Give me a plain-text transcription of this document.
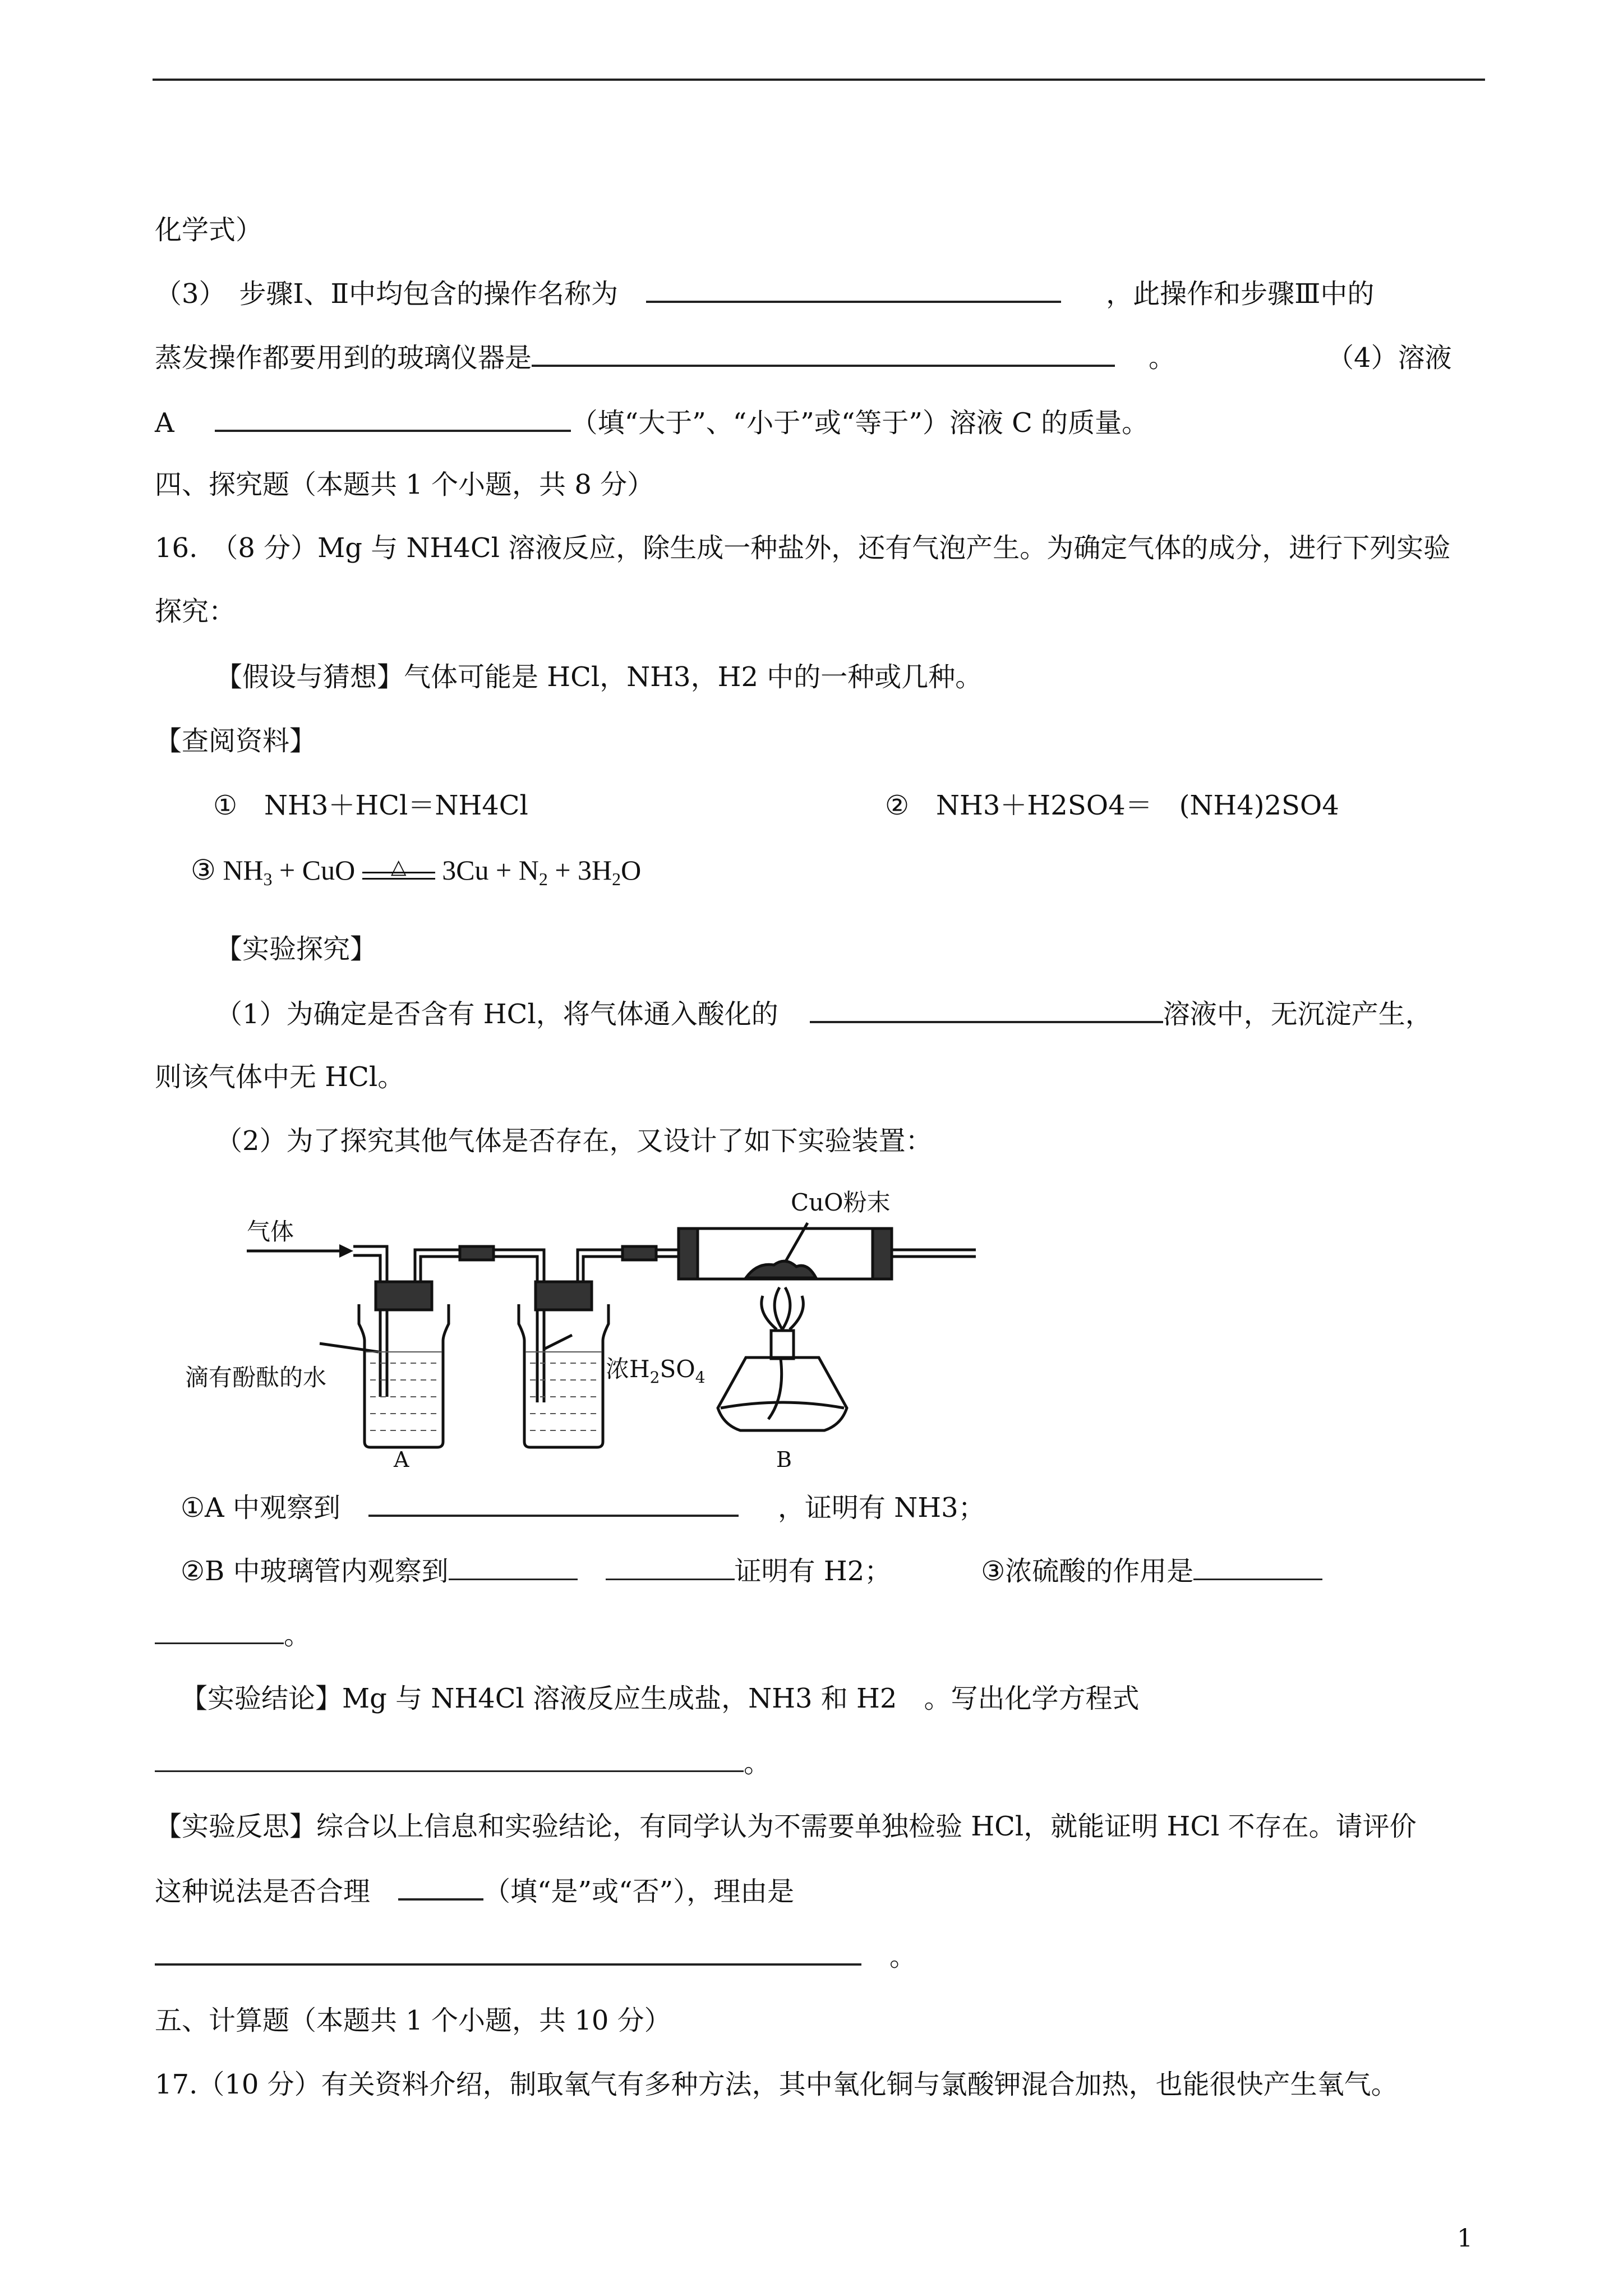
化学式）
（3）　步骤Ⅰ、Ⅱ中均包含的操作名称为	，此操作和步骤Ⅲ中的
蒸发操作都要用到的玻璃仪器是	。	（4）溶液
A	（填“大于”、“小于”或“等于”）溶液 C 的质量。
四、探究题（本题共 1 个小题，共 8 分）
16.　（8 分）Mg 与 NH4Cl 溶液反应，除生成一种盐外，还有气泡产生。为确定气体的成分，进行下列实验
探究：
【假设与猜想】气体可能是 HCl，NH3，H2 中的一种或几种。
【查阅资料】
①　NH3＋HCl＝NH4Cl	②　NH3＋H2SO4＝　(NH4)2SO4
③ $NH_3$ + CuO	△	$3Cu + N_2 + 3H_2O$
【实验探究】
（1）为确定是否含有 HCl，将气体通入酸化的	溶液中，无沉淀产生，
则该气体中无 HCl。
（2）为了探究其他气体是否存在，又设计了如下实验装置：
气体
CuO粉末
滴有酚酞的水	浓$H_2SO_4$
A	B
①A 中观察到	，证明有 NH3；
②B 中玻璃管内观察到	证明有 H2；	③浓硫酸的作用是
。
【实验结论】Mg 与 NH4Cl 溶液反应生成盐，NH3 和 H2　。写出化学方程式
。
【实验反思】综合以上信息和实验结论，有同学认为不需要单独检验 HCl，就能证明 HCl 不存在。请评价
这种说法是否合理	（填“是”或“否”），理由是
。
五、计算题（本题共 1 个小题，共 10 分）
17.（10 分）有关资料介绍，制取氧气有多种方法，其中氧化铜与氯酸钾混合加热，也能很快产生氧气。
1
